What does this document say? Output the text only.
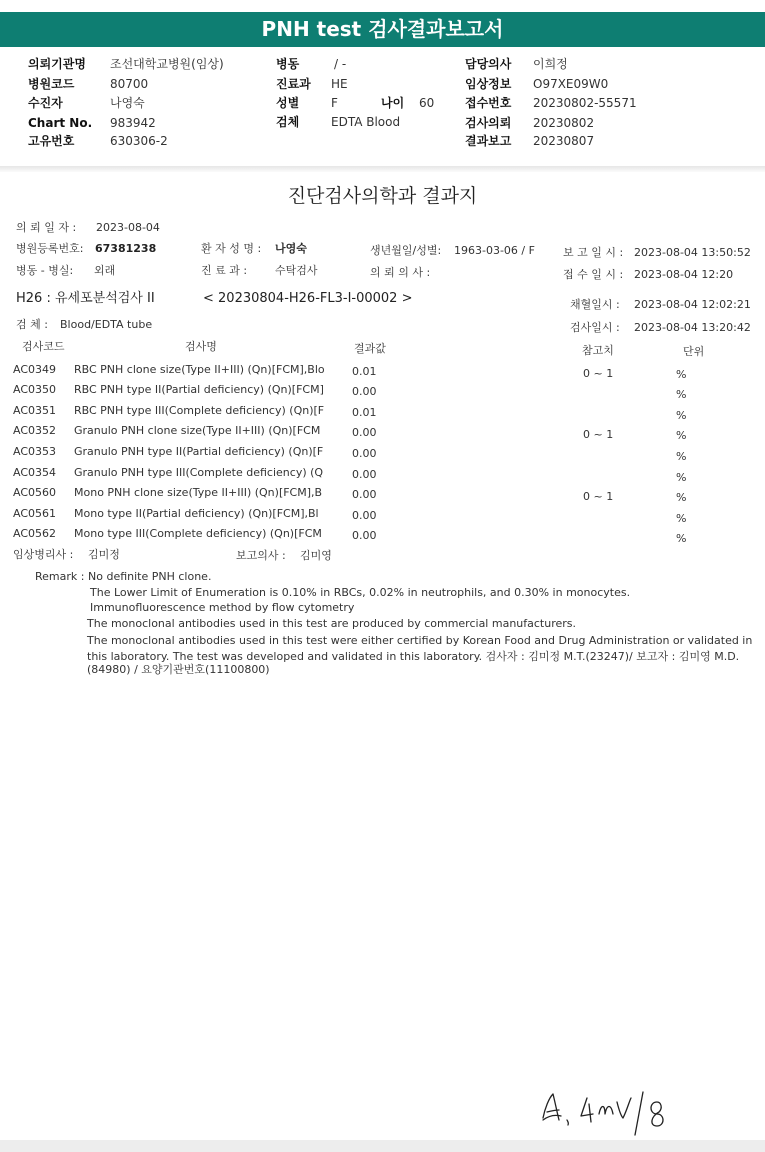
PNH test 검사결과보고서
의뢰기관명 조선대학교병원(임상)
병원코드	80700
수진자	나영숙
Chart No. 983942
고유번호	630306-2
병동	/ -
진료과 HE
성별	F	나이 60
검체	EDTA Blood
담당의사 이희정
임상정보 O97XE09W0
접수번호 20230802-55571
검사의뢰 20230802
결과보고 20230807
진단검사의학과 결과지
의 뢰 일 자 : 2023-08-04
병원등록번호: 67381238	환 자 성 명 : 나영숙	생년월일/성별: 1963-03-06 / F	보 고 일 시 : 2023-08-04 13:50:52
병동 - 병실: 외래	진 료 과 :	수탁검사	의 뢰 의 사 :	접 수 일 시 : 2023-08-04 12:20
H26 : 유세포분석검사 II	< 20230804-H26-FL3-I-00002 >	채혈일시 : 2023-08-04 12:02:21
검 체 : Blood/EDTA tube	검사일시 : 2023-08-04 13:20:42
검사코드	검사명	결과값	참고치	단위
AC0349 RBC PNH clone size(Type II+III) (Qn)[FCM],Blo 0.01	0 ~ 1	%
AC0350 RBC PNH type II(Partial deficiency) (Qn)[FCM]	0.00	%
AC0351 RBC PNH type III(Complete deficiency) (Qn)[F	0.01	%
AC0352 Granulo PNH clone size(Type II+III) (Qn)[FCM	0.00	0 ~ 1	%
AC0353 Granulo PNH type II(Partial deficiency) (Qn)[F	0.00	%
AC0354 Granulo PNH type III(Complete deficiency) (Q	0.00	%
AC0560 Mono PNH clone size(Type II+III) (Qn)[FCM],B	0.00	0 ~ 1	%
AC0561 Mono type II(Partial deficiency) (Qn)[FCM],Bl	0.00	%
AC0562 Mono type III(Complete deficiency) (Qn)[FCM	0.00	%
임상병리사 : 김미정	보고의사 : 김미영
Remark : No definite PNH clone.
The Lower Limit of Enumeration is 0.10% in RBCs, 0.02% in neutrophils, and 0.30% in monocytes.
Immunofluorescence method by flow cytometry
The monoclonal antibodies used in this test are produced by commercial manufacturers.
The monoclonal antibodies used in this test were either certified by Korean Food and Drug Administration or validated in
this laboratory. The test was developed and validated in this laboratory. 검사자 : 김미정 M.T.(23247)/ 보고자 : 김미영 M.D.
(84980) / 요양기관번호(11100800)
